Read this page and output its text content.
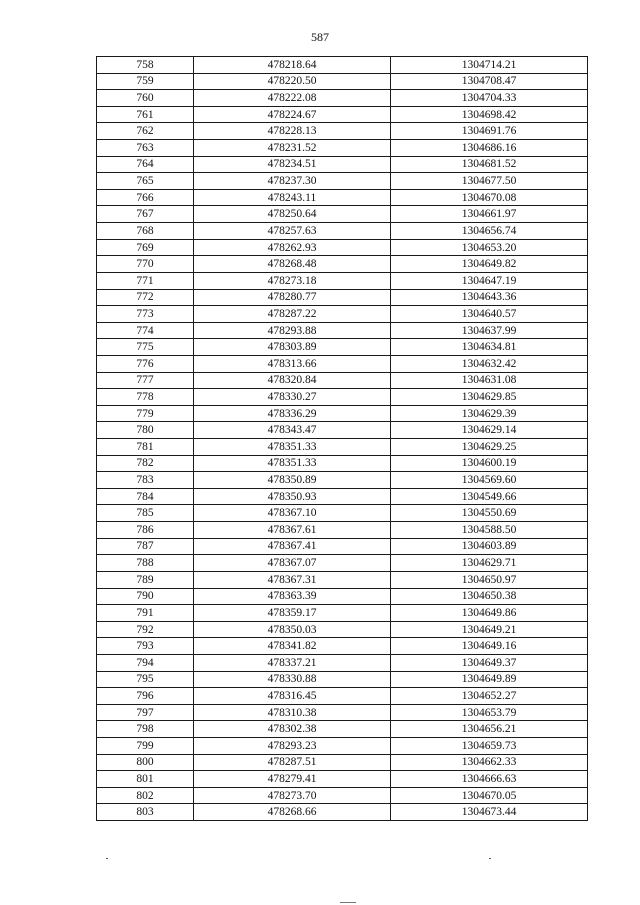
587
758	478218.64	1304714.21
759	478220.50	1304708.47
760	478222.08	1304704.33
761	478224.67	1304698.42
762	478228.13	1304691.76
763	478231.52	1304686.16
764	478234.51	1304681.52
765	478237.30	1304677.50
766	478243.11	1304670.08
767	478250.64	1304661.97
768	478257.63	1304656.74
769	478262.93	1304653.20
770	478268.48	1304649.82
771	478273.18	1304647.19
772	478280.77	1304643.36
773	478287.22	1304640.57
774	478293.88	1304637.99
775	478303.89	1304634.81
776	478313.66	1304632.42
777	478320.84	1304631.08
778	478330.27	1304629.85
779	478336.29	1304629.39
780	478343.47	1304629.14
781	478351.33	1304629.25
782	478351.33	1304600.19
783	478350.89	1304569.60
784	478350.93	1304549.66
785	478367.10	1304550.69
786	478367.61	1304588.50
787	478367.41	1304603.89
788	478367.07	1304629.71
789	478367.31	1304650.97
790	478363.39	1304650.38
791	478359.17	1304649.86
792	478350.03	1304649.21
793	478341.82	1304649.16
794	478337.21	1304649.37
795	478330.88	1304649.89
796	478316.45	1304652.27
797	478310.38	1304653.79
798	478302.38	1304656.21
799	478293.23	1304659.73
800	478287.51	1304662.33
801	478279.41	1304666.63
802	478273.70	1304670.05
803	478268.66	1304673.44
